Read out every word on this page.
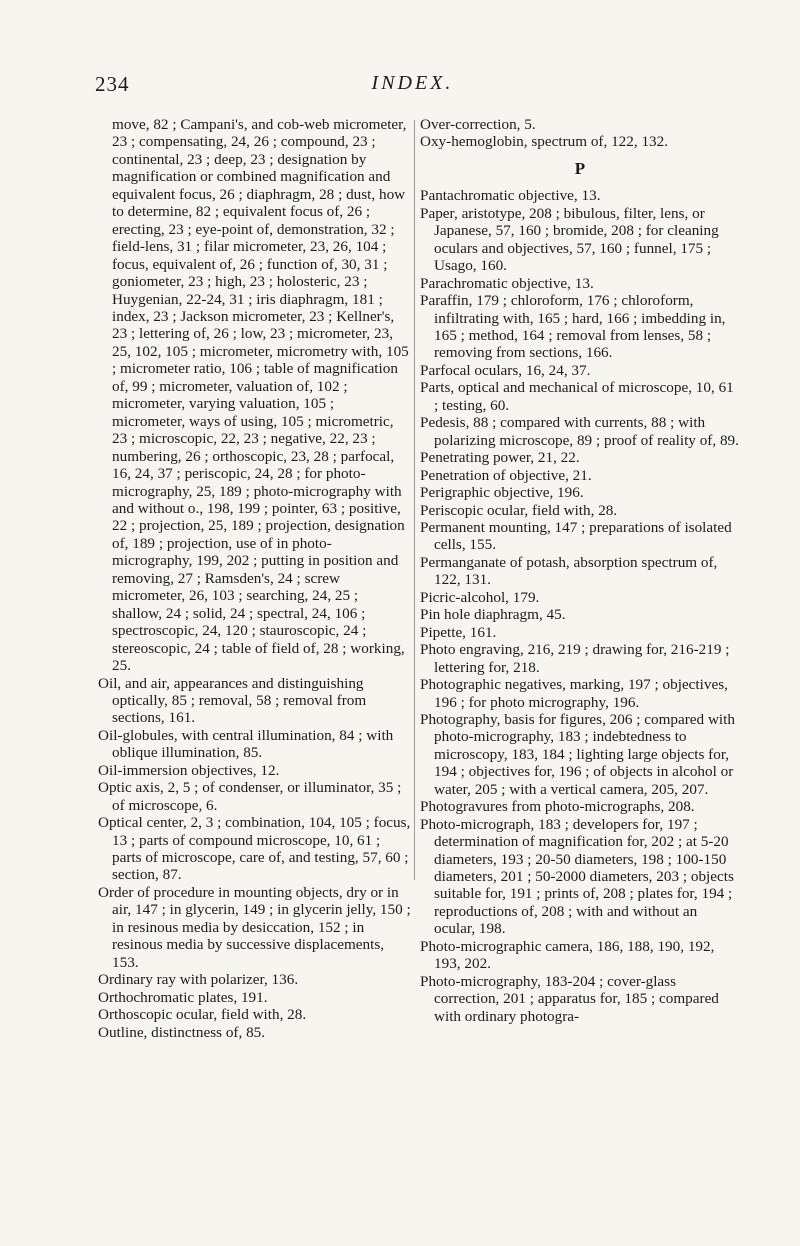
234	INDEX.
move, 82 ; Campani's, and cob-web micrometer, 23 ; compensating, 24, 26 ; compound, 23 ; continental, 23 ; deep, 23 ; designation by magnification or combined magnification and equivalent focus, 26 ; diaphragm, 28 ; dust, how to determine, 82 ; equivalent focus of, 26 ; erecting, 23 ; eye-point of, demonstration, 32 ; field-lens, 31 ; filar micrometer, 23, 26, 104 ; focus, equivalent of, 26 ; function of, 30, 31 ; goniometer, 23 ; high, 23 ; holosteric, 23 ; Huygenian, 22-24, 31 ; iris diaphragm, 181 ; index, 23 ; Jackson micrometer, 23 ; Kellner's, 23 ; lettering of, 26 ; low, 23 ; micrometer, 23, 25, 102, 105 ; micrometer, micrometry with, 105 ; micrometer ratio, 106 ; table of magnification of, 99 ; micrometer, valuation of, 102 ; micrometer, varying valuation, 105 ; micrometer, ways of using, 105 ; micrometric, 23 ; microscopic, 22, 23 ; negative, 22, 23 ; numbering, 26 ; orthoscopic, 23, 28 ; parfocal, 16, 24, 37 ; periscopic, 24, 28 ; for photo-micrography, 25, 189 ; photo-micrography with and without o., 198, 199 ; pointer, 63 ; positive, 22 ; projection, 25, 189 ; projection, designation of, 189 ; projection, use of in photo-micrography, 199, 202 ; putting in position and removing, 27 ; Ramsden's, 24 ; screw micrometer, 26, 103 ; searching, 24, 25 ; shallow, 24 ; solid, 24 ; spectral, 24, 106 ; spectroscopic, 24, 120 ; stauroscopic, 24 ; stereoscopic, 24 ; table of field of, 28 ; working, 25.
Oil, and air, appearances and distinguishing optically, 85 ; removal, 58 ; removal from sections, 161.
Oil-globules, with central illumination, 84 ; with oblique illumination, 85.
Oil-immersion objectives, 12.
Optic axis, 2, 5 ; of condenser, or illuminator, 35 ; of microscope, 6.
Optical center, 2, 3 ; combination, 104, 105 ; focus, 13 ; parts of compound microscope, 10, 61 ; parts of microscope, care of, and testing, 57, 60 ; section, 87.
Order of procedure in mounting objects, dry or in air, 147 ; in glycerin, 149 ; in glycerin jelly, 150 ; in resinous media by desiccation, 152 ; in resinous media by successive displacements, 153.
Ordinary ray with polarizer, 136.
Orthochromatic plates, 191.
Orthoscopic ocular, field with, 28.
Outline, distinctness of, 85.
Over-correction, 5.
Oxy-hemoglobin, spectrum of, 122, 132.
P
Pantachromatic objective, 13.
Paper, aristotype, 208 ; bibulous, filter, lens, or Japanese, 57, 160 ; bromide, 208 ; for cleaning oculars and objectives, 57, 160 ; funnel, 175 ; Usago, 160.
Parachromatic objective, 13.
Paraffin, 179 ; chloroform, 176 ; chloroform, infiltrating with, 165 ; hard, 166 ; imbedding in, 165 ; method, 164 ; removal from lenses, 58 ; removing from sections, 166.
Parfocal oculars, 16, 24, 37.
Parts, optical and mechanical of microscope, 10, 61 ; testing, 60.
Pedesis, 88 ; compared with currents, 88 ; with polarizing microscope, 89 ; proof of reality of, 89.
Penetrating power, 21, 22.
Penetration of objective, 21.
Perigraphic objective, 196.
Periscopic ocular, field with, 28.
Permanent mounting, 147 ; preparations of isolated cells, 155.
Permanganate of potash, absorption spectrum of, 122, 131.
Picric-alcohol, 179.
Pin hole diaphragm, 45.
Pipette, 161.
Photo engraving, 216, 219 ; drawing for, 216-219 ; lettering for, 218.
Photographic negatives, marking, 197 ; objectives, 196 ; for photo micrography, 196.
Photography, basis for figures, 206 ; compared with photo-micrography, 183 ; indebtedness to microscopy, 183, 184 ; lighting large objects for, 194 ; objectives for, 196 ; of objects in alcohol or water, 205 ; with a vertical camera, 205, 207.
Photogravures from photo-micrographs, 208.
Photo-micrograph, 183 ; developers for, 197 ; determination of magnification for, 202 ; at 5-20 diameters, 193 ; 20-50 diameters, 198 ; 100-150 diameters, 201 ; 50-2000 diameters, 203 ; objects suitable for, 191 ; prints of, 208 ; plates for, 194 ; reproductions of, 208 ; with and without an ocular, 198.
Photo-micrographic camera, 186, 188, 190, 192, 193, 202.
Photo-micrography, 183-204 ; cover-glass correction, 201 ; apparatus for, 185 ; compared with ordinary photogra-
